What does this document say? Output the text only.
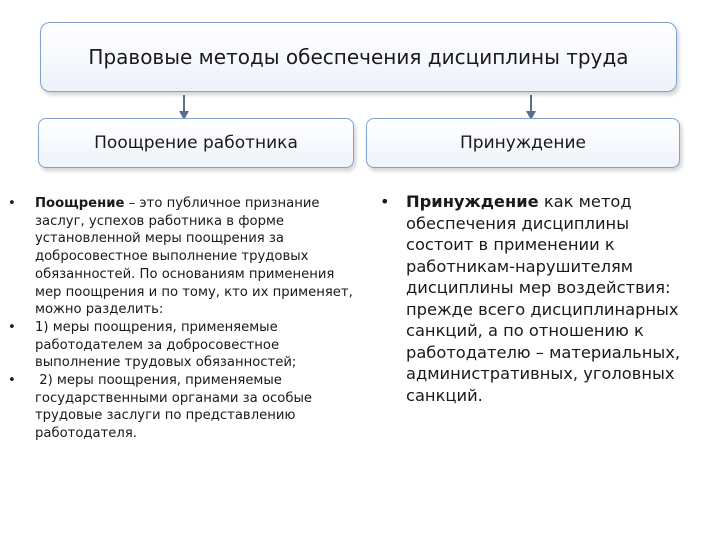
Правовые методы обеспечения дисциплины труда
Поощрение работника	Принуждение
• Поощрение – это публичное признание заслуг, успехов работника в форме установленной меры поощрения за добросовестное выполнение трудовых обязанностей. По основаниям применения мер поощрения и по тому, кто их применяет, можно разделить:
• 1) меры поощрения, применяемые работодателем за добросовестное выполнение трудовых обязанностей;
• 2) меры поощрения, применяемые государственными органами за особые трудовые заслуги по представлению работодателя.
• Принуждение как метод обеспечения дисциплины состоит в применении к работникам-нарушителям дисциплины мер воздействия: прежде всего дисциплинарных санкций, а по отношению к работодателю – материальных, административных, уголовных санкций.
